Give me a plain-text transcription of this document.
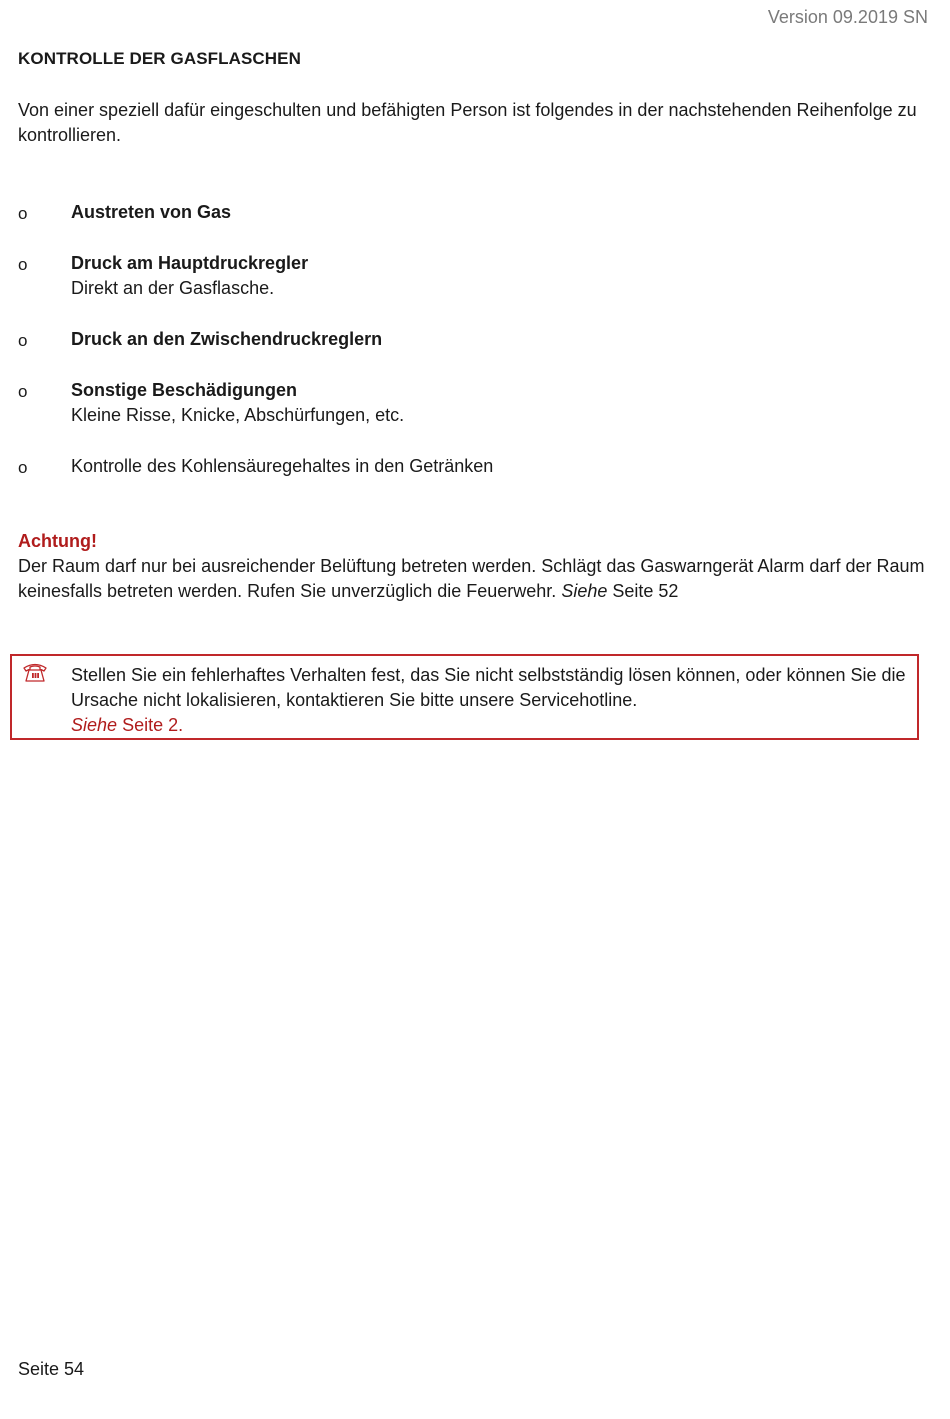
Version 09.2019 SN
KONTROLLE DER GASFLASCHEN
Von einer speziell dafür eingeschulten und befähigten Person ist folgendes in der nachstehenden Reihenfolge zu kontrollieren.
o Austreten von Gas
o Druck am Hauptdruckregler
Direkt an der Gasflasche.
o Druck an den Zwischendruckreglern
o Sonstige Beschädigungen
Kleine Risse, Knicke, Abschürfungen, etc.
o Kontrolle des Kohlensäuregehaltes in den Getränken
Achtung!
Der Raum darf nur bei ausreichender Belüftung betreten werden. Schlägt das Gaswarngerät Alarm darf der Raum keinesfalls betreten werden. Rufen Sie unverzüglich die Feuerwehr. Siehe Seite 52
Stellen Sie ein fehlerhaftes Verhalten fest, das Sie nicht selbstständig lösen können, oder können Sie die Ursache nicht lokalisieren, kontaktieren Sie bitte unsere Servicehotline.
Siehe Seite 2.
Seite 54
